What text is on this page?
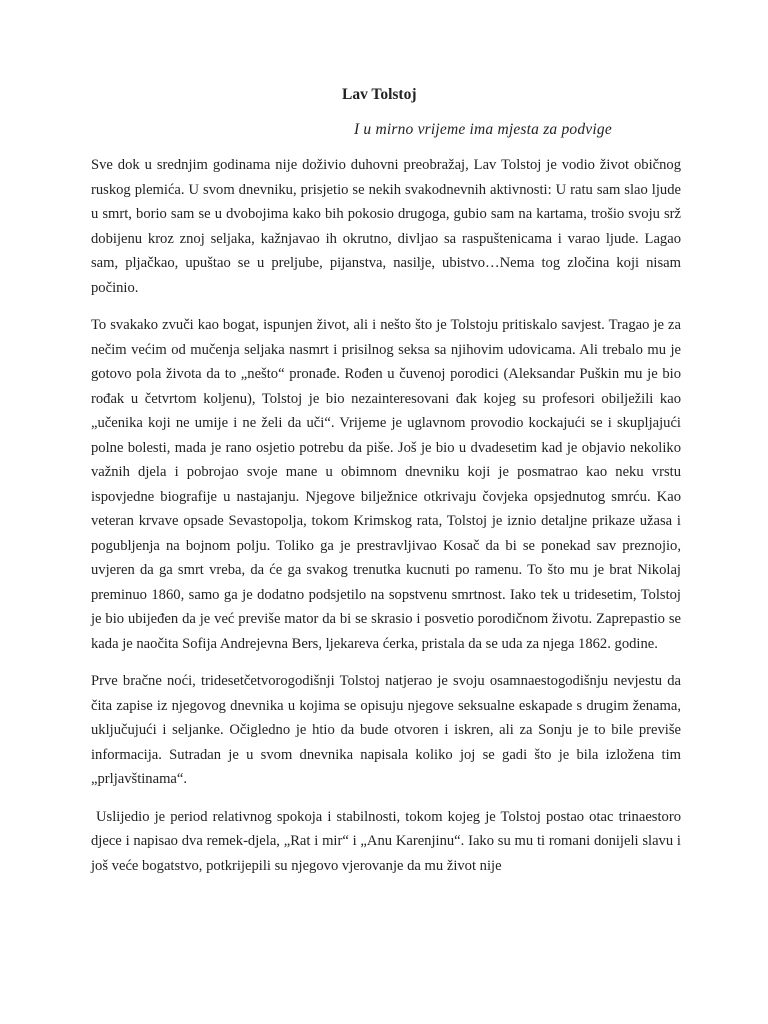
Lav Tolstoj
I u mirno vrijeme ima mjesta za podvige

Sve dok u srednjim godinama nije doživio duhovni preobražaj, Lav Tolstoj je vodio život običnog ruskog plemića. U svom dnevniku, prisjetio se nekih svakodnevnih aktivnosti: U ratu sam slao ljude u smrt, borio sam se u dvobojima kako bih pokosio drugoga, gubio sam na kartama, trošio svoju srž dobijenu kroz znoj seljaka, kažnjavao ih okrutno, divljao sa raspuštenicama i varao ljude. Lagao sam, pljačkao, upuštao se u preljube, pijanstva, nasilje, ubistvo…Nema tog zločina koji nisam počinio.

To svakako zvuči kao bogat, ispunjen život, ali i nešto što je Tolstoju pritiskalo savjest. Tragao je za nečim većim od mučenja seljaka nasmrt i prisilnog seksa sa njihovim udovicama. Ali trebalo mu je gotovo pola života da to „nešto“ pronađe. Rođen u čuvenoj porodici (Aleksandar Puškin mu je bio rođak u četvrtom koljenu), Tolstoj je bio nezainteresovani đak kojeg su profesori obilježili kao „učenika koji ne umije i ne želi da uči“. Vrijeme je uglavnom provodio kockajući se i skupljajući polne bolesti, mada je rano osjetio potrebu da piše. Još je bio u dvadesetim kad je objavio nekoliko važnih djela i pobrojao svoje mane u obimnom dnevniku koji je posmatrao kao neku vrstu ispovjedne biografije u nastajanju. Njegove bilježnice otkrivaju čovjeka opsjednutog smrću. Kao veteran krvave opsade Sevastopolja, tokom Krimskog rata, Tolstoj je iznio detaljne prikaze užasa i pogubljenja na bojnom polju. Toliko ga je prestravljivao Kosač da bi se ponekad sav preznojio, uvjeren da ga smrt vreba, da će ga svakog trenutka kucnuti po ramenu. To što mu je brat Nikolaj preminuo 1860, samo ga je dodatno podsjetilo na sopstvenu smrtnost. Iako tek u tridesetim, Tolstoj je bio ubijeđen da je već previše mator da bi se skrasio i posvetio porodičnom životu. Zaprepastio se kada je naočita Sofija Andrejevna Bers, ljekareva ćerka, pristala da se uda za njega 1862. godine.

Prve bračne noći, tridesetčetvorogodišnji Tolstoj natjerao je svoju osamnaestogodišnju nevjestu da čita zapise iz njegovog dnevnika u kojima se opisuju njegove seksualne eskapade s drugim ženama, uključujući i seljanke. Očigledno je htio da bude otvoren i iskren, ali za Sonju je to bile previše informacija. Sutradan je u svom dnevnika napisala koliko joj se gadi što je bila izložena tim „prljavštinama“.

Uslijedio je period relativnog spokoja i stabilnosti, tokom kojeg je Tolstoj postao otac trinaestoro djece i napisao dva remek-djela, „Rat i mir“ i „Anu Karenjinu“. Iako su mu ti romani donijeli slavu i još veće bogatstvo, potkrijepili su njegovo vjerovanje da mu život nije
